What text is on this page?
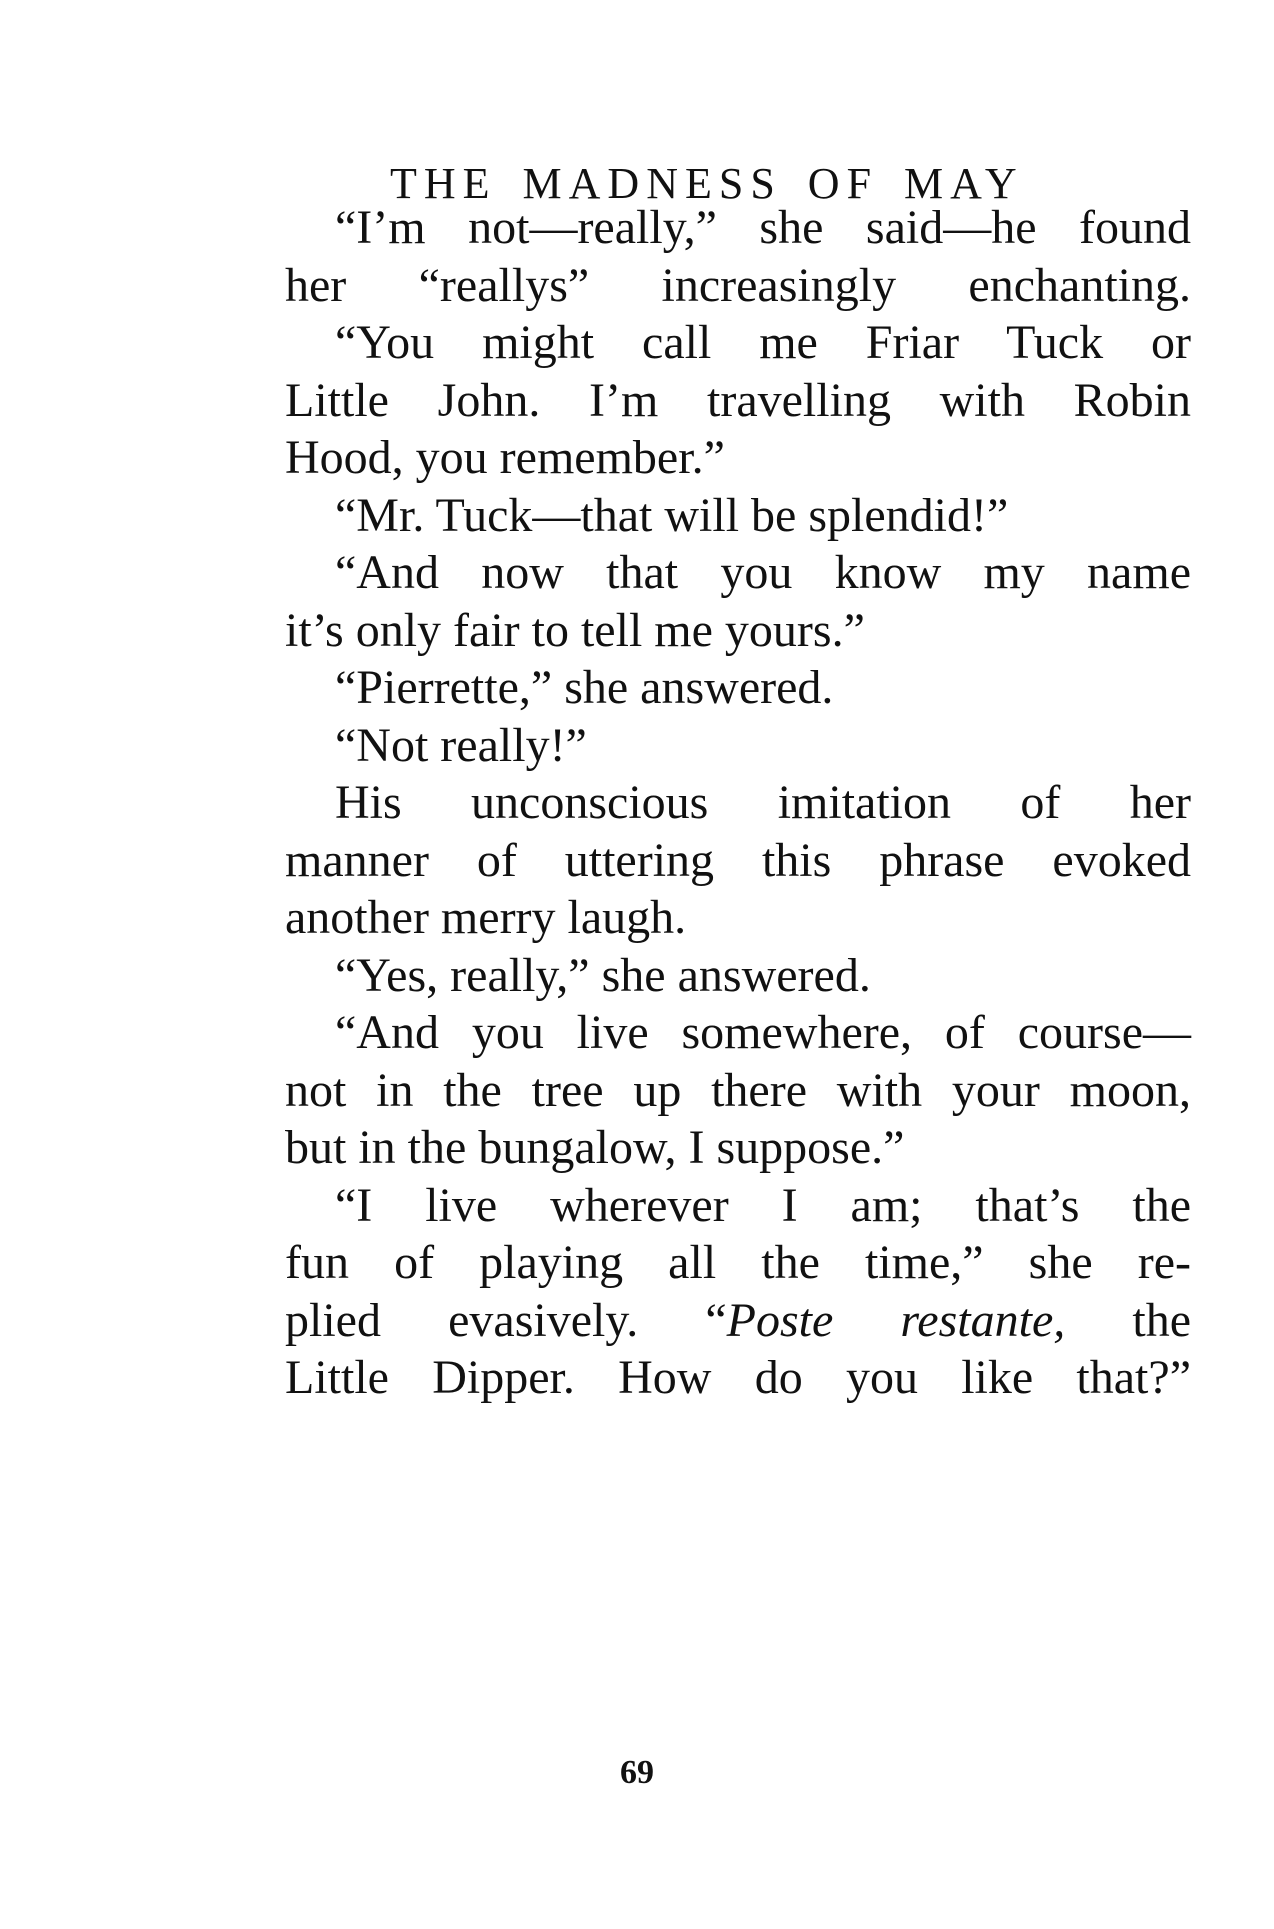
THE MADNESS OF MAY
“I’m not—really,” she said—he found
her “reallys” increasingly enchanting.
“You might call me Friar Tuck or
Little John. I’m travelling with Robin
Hood, you remember.”
“Mr. Tuck—that will be splendid!”
“And now that you know my name
it’s only fair to tell me yours.”
“Pierrette,” she answered.
“Not really!”
His unconscious imitation of her
manner of uttering this phrase evoked
another merry laugh.
“Yes, really,” she answered.
“And you live somewhere, of course—
not in the tree up there with your moon,
but in the bungalow, I suppose.”
“I live wherever I am; that’s the
fun of playing all the time,” she re-
plied evasively. “Poste restante, the
Little Dipper. How do you like that?”
69
